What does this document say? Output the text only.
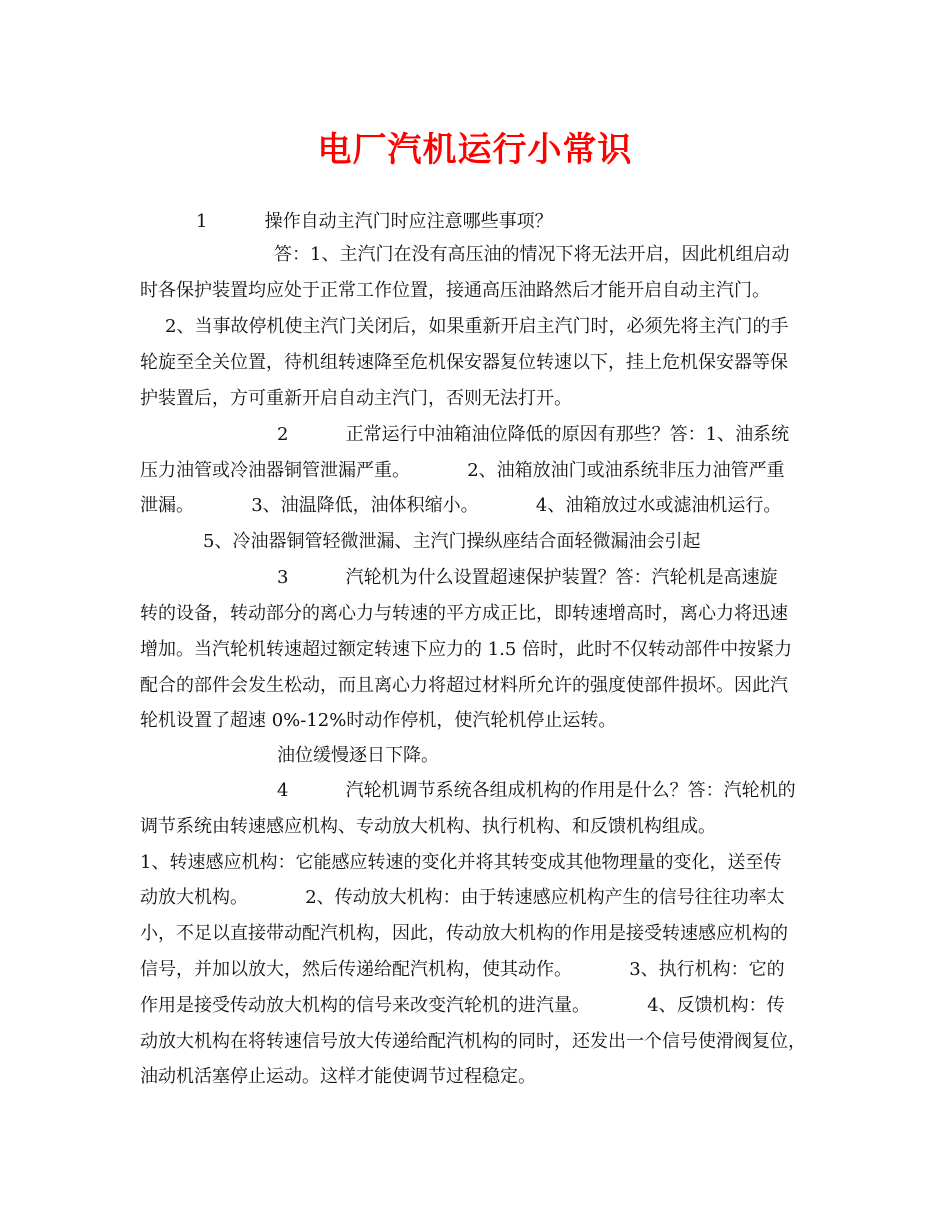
电厂汽机运行小常识
1          操作自动主汽门时应注意哪些事项？
答：1、主汽门在没有高压油的情况下将无法开启，因此机组启动
时各保护装置均应处于正常工作位置，接通高压油路然后才能开启自动主汽门。
2、当事故停机使主汽门关闭后，如果重新开启主汽门时，必须先将主汽门的手
轮旋至全关位置，待机组转速降至危机保安器复位转速以下，挂上危机保安器等保
护装置后，方可重新开启自动主汽门，否则无法打开。
2          正常运行中油箱油位降低的原因有那些？答：1、油系统
压力油管或冷油器铜管泄漏严重。          2、油箱放油门或油系统非压力油管严重
泄漏。          3、油温降低，油体积缩小。          4、油箱放过水或滤油机运行。
5、冷油器铜管轻微泄漏、主汽门操纵座结合面轻微漏油会引起
3          汽轮机为什么设置超速保护装置？答：汽轮机是高速旋
转的设备，转动部分的离心力与转速的平方成正比，即转速增高时，离心力将迅速
增加。当汽轮机转速超过额定转速下应力的 1.5 倍时，此时不仅转动部件中按紧力
配合的部件会发生松动，而且离心力将超过材料所允许的强度使部件损坏。因此汽
轮机设置了超速 0%-12%时动作停机，使汽轮机停止运转。
油位缓慢逐日下降。
4          汽轮机调节系统各组成机构的作用是什么？答：汽轮机的
调节系统由转速感应机构、专动放大机构、执行机构、和反馈机构组成。
1、转速感应机构：它能感应转速的变化并将其转变成其他物理量的变化，送至传
动放大机构。          2、传动放大机构：由于转速感应机构产生的信号往往功率太
小，不足以直接带动配汽机构，因此，传动放大机构的作用是接受转速感应机构的
信号，并加以放大，然后传递给配汽机构，使其动作。          3、执行机构：它的
作用是接受传动放大机构的信号来改变汽轮机的进汽量。          4、反馈机构：传
动放大机构在将转速信号放大传递给配汽机构的同时，还发出一个信号使滑阀复位，
油动机活塞停止运动。这样才能使调节过程稳定。
